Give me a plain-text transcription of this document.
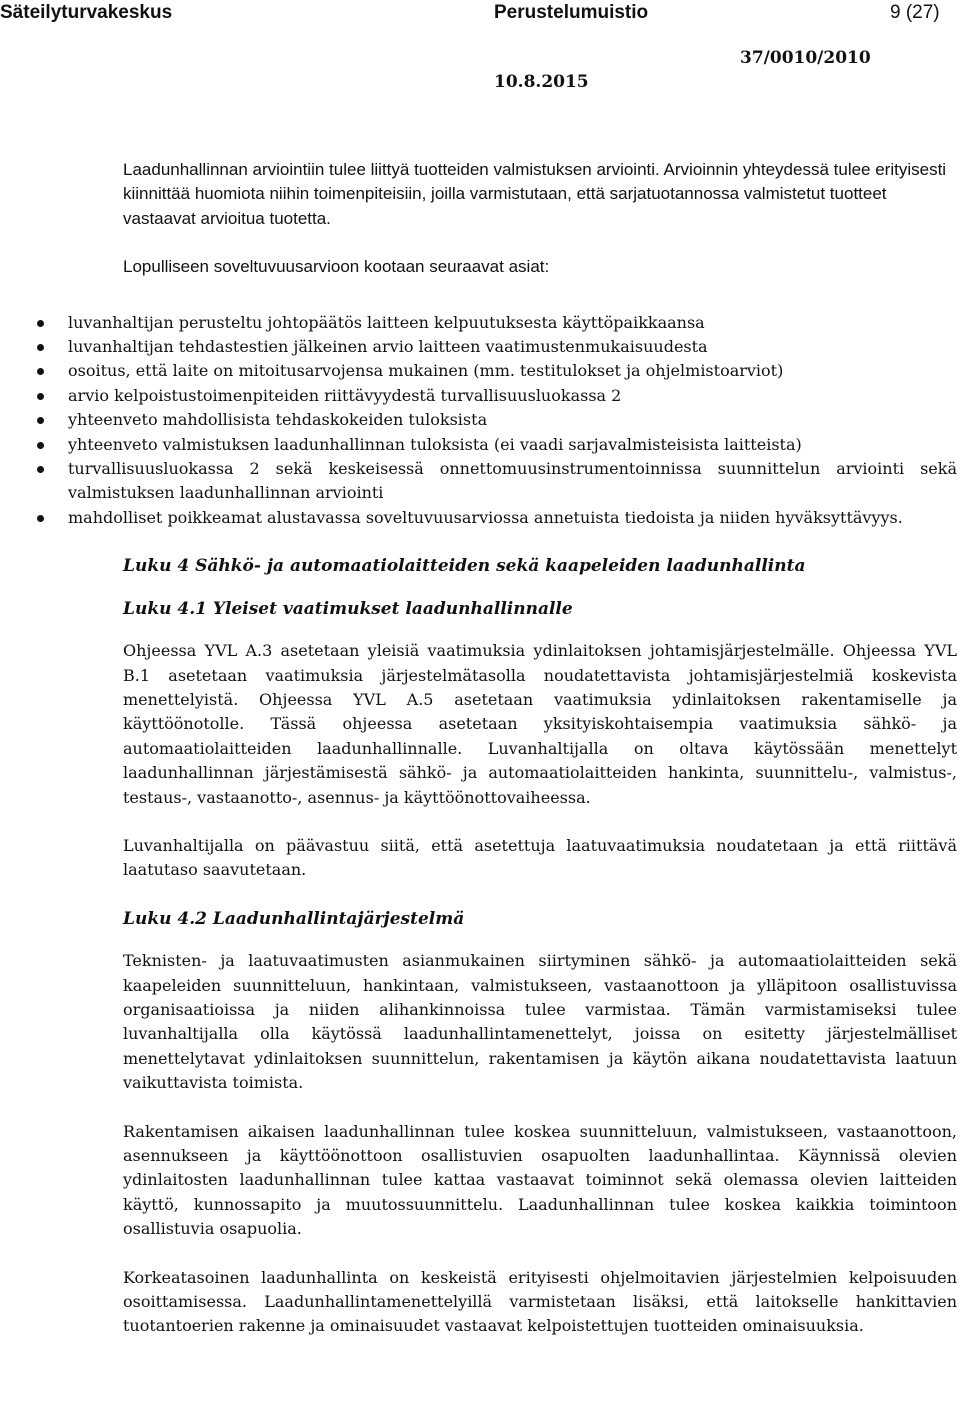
Säteilyturvakeskus	Perustelumuistio	9 (27)
37/0010/2010
10.8.2015

Laadunhallinnan arviointiin tulee liittyä tuotteiden valmistuksen arviointi. Arvioinnin yhteydessä tulee erityisesti kiinnittää huomiota niihin toimenpiteisiin, joilla varmistutaan, että sarjatuotannossa valmistetut tuotteet vastaavat arvioitua tuotetta.

Lopulliseen soveltuvuusarvioon kootaan seuraavat asiat:

luvanhaltijan perusteltu johtopäätös laitteen kelpuutuksesta käyttöpaikkaansa
luvanhaltijan tehdastestien jälkeinen arvio laitteen vaatimustenmukaisuudesta
osoitus, että laite on mitoitusarvojensa mukainen (mm. testitulokset ja ohjelmistoarviot)
arvio kelpoistustoimenpiteiden riittävyydestä turvallisuusluokassa 2
yhteenveto mahdollisista tehdaskokeiden tuloksista
yhteenveto valmistuksen laadunhallinnan tuloksista (ei vaadi sarjavalmisteisista laitteista)
turvallisuusluokassa 2 sekä keskeisessä onnettomuusinstrumentoinnissa suunnittelun arviointi sekä valmistuksen laadunhallinnan arviointi
mahdolliset poikkeamat alustavassa soveltuvuusarviossa annetuista tiedoista ja niiden hyväksyttävyys.

Luku 4 Sähkö- ja automaatiolaitteiden sekä kaapeleiden laadunhallinta

Luku 4.1 Yleiset vaatimukset laadunhallinnalle

Ohjeessa YVL A.3 asetetaan yleisiä vaatimuksia ydinlaitoksen johtamisjärjestelmälle. Ohjeessa YVL B.1 asetetaan vaatimuksia järjestelmätasolla noudatettavista johtamisjärjestelmiä koskevista menettelyistä. Ohjeessa YVL A.5 asetetaan vaatimuksia ydinlaitoksen rakentamiselle ja käyttöönotolle. Tässä ohjeessa asetetaan yksityiskohtaisempia vaatimuksia sähkö- ja automaatiolaitteiden laadunhallinnalle. Luvanhaltijalla on oltava käytössään menettelyt laadunhallinnan järjestämisestä sähkö- ja automaatiolaitteiden hankinta, suunnittelu-, valmistus-, testaus-, vastaanotto-, asennus- ja käyttöönottovaiheessa.

Luvanhaltijalla on päävastuu siitä, että asetettuja laatuvaatimuksia noudatetaan ja että riittävä laatutaso saavutetaan.

Luku 4.2 Laadunhallintajärjestelmä

Teknisten- ja laatuvaatimusten asianmukainen siirtyminen sähkö- ja automaatiolaitteiden sekä kaapeleiden suunnitteluun, hankintaan, valmistukseen, vastaanottoon ja ylläpitoon osallistuvissa organisaatioissa ja niiden alihankinnoissa tulee varmistaa. Tämän varmistamiseksi tulee luvanhaltijalla olla käytössä laadunhallintamenettelyt, joissa on esitetty järjestelmälliset menettelytavat ydinlaitoksen suunnittelun, rakentamisen ja käytön aikana noudatettavista laatuun vaikuttavista toimista.

Rakentamisen aikaisen laadunhallinnan tulee koskea suunnitteluun, valmistukseen, vastaanottoon, asennukseen ja käyttöönottoon osallistuvien osapuolten laadunhallintaa. Käynnissä olevien ydinlaitosten laadunhallinnan tulee kattaa vastaavat toiminnot sekä olemassa olevien laitteiden käyttö, kunnossapito ja muutossuunnittelu. Laadunhallinnan tulee koskea kaikkia toimintoon osallistuvia osapuolia.

Korkeatasoinen laadunhallinta on keskeistä erityisesti ohjelmoitavien järjestelmien kelpoisuuden osoittamisessa. Laadunhallintamenettelyillä varmistetaan lisäksi, että laitokselle hankittavien tuotantoerien rakenne ja ominaisuudet vastaavat kelpoistettujen tuotteiden ominaisuuksia.
